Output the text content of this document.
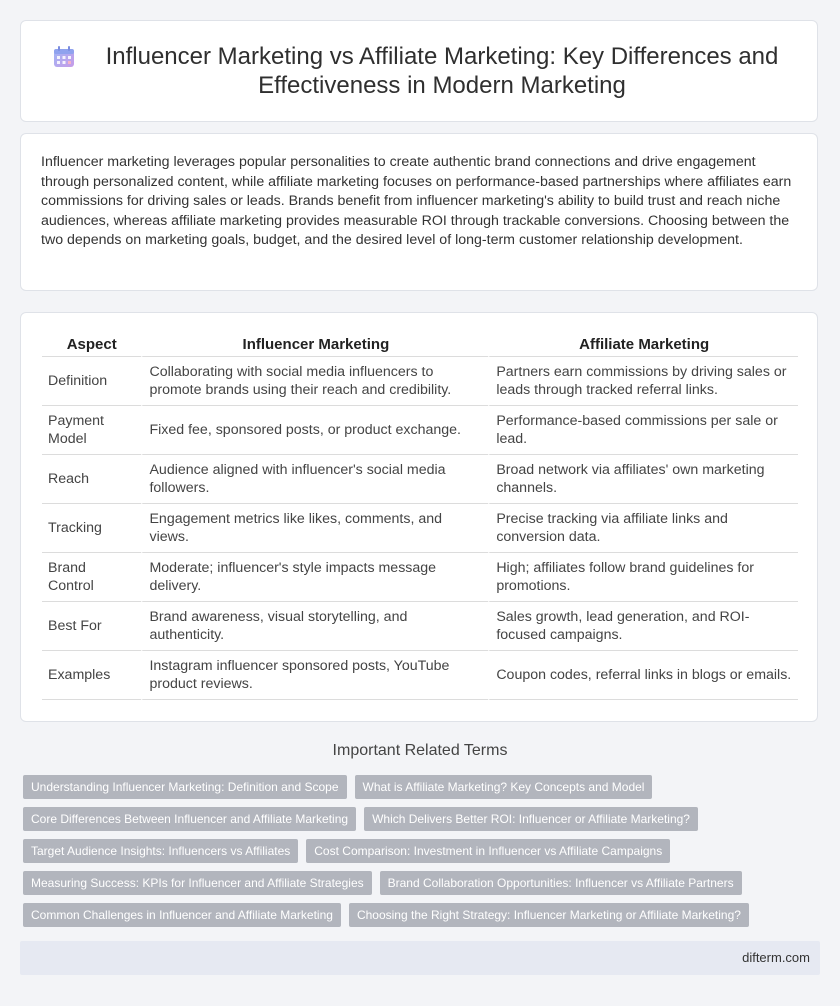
Influencer Marketing vs Affiliate Marketing: Key Differences and Effectiveness in Modern Marketing

Influencer marketing leverages popular personalities to create authentic brand connections and drive engagement through personalized content, while affiliate marketing focuses on performance-based partnerships where affiliates earn commissions for driving sales or leads. Brands benefit from influencer marketing's ability to build trust and reach niche audiences, whereas affiliate marketing provides measurable ROI through trackable conversions. Choosing between the two depends on marketing goals, budget, and the desired level of long-term customer relationship development.

Aspect	Influencer Marketing	Affiliate Marketing
Definition	Collaborating with social media influencers to promote brands using their reach and credibility.	Partners earn commissions by driving sales or leads through tracked referral links.
Payment Model	Fixed fee, sponsored posts, or product exchange.	Performance-based commissions per sale or lead.
Reach	Audience aligned with influencer's social media followers.	Broad network via affiliates' own marketing channels.
Tracking	Engagement metrics like likes, comments, and views.	Precise tracking via affiliate links and conversion data.
Brand Control	Moderate; influencer's style impacts message delivery.	High; affiliates follow brand guidelines for promotions.
Best For	Brand awareness, visual storytelling, and authenticity.	Sales growth, lead generation, and ROI-focused campaigns.
Examples	Instagram influencer sponsored posts, YouTube product reviews.	Coupon codes, referral links in blogs or emails.
Important Related Terms
Understanding Influencer Marketing: Definition and Scope	What is Affiliate Marketing? Key Concepts and Model
Core Differences Between Influencer and Affiliate Marketing	Which Delivers Better ROI: Influencer or Affiliate Marketing?
Target Audience Insights: Influencers vs Affiliates	Cost Comparison: Investment in Influencer vs Affiliate Campaigns
Measuring Success: KPIs for Influencer and Affiliate Strategies	Brand Collaboration Opportunities: Influencer vs Affiliate Partners
Common Challenges in Influencer and Affiliate Marketing	Choosing the Right Strategy: Influencer Marketing or Affiliate Marketing?
difterm.com
